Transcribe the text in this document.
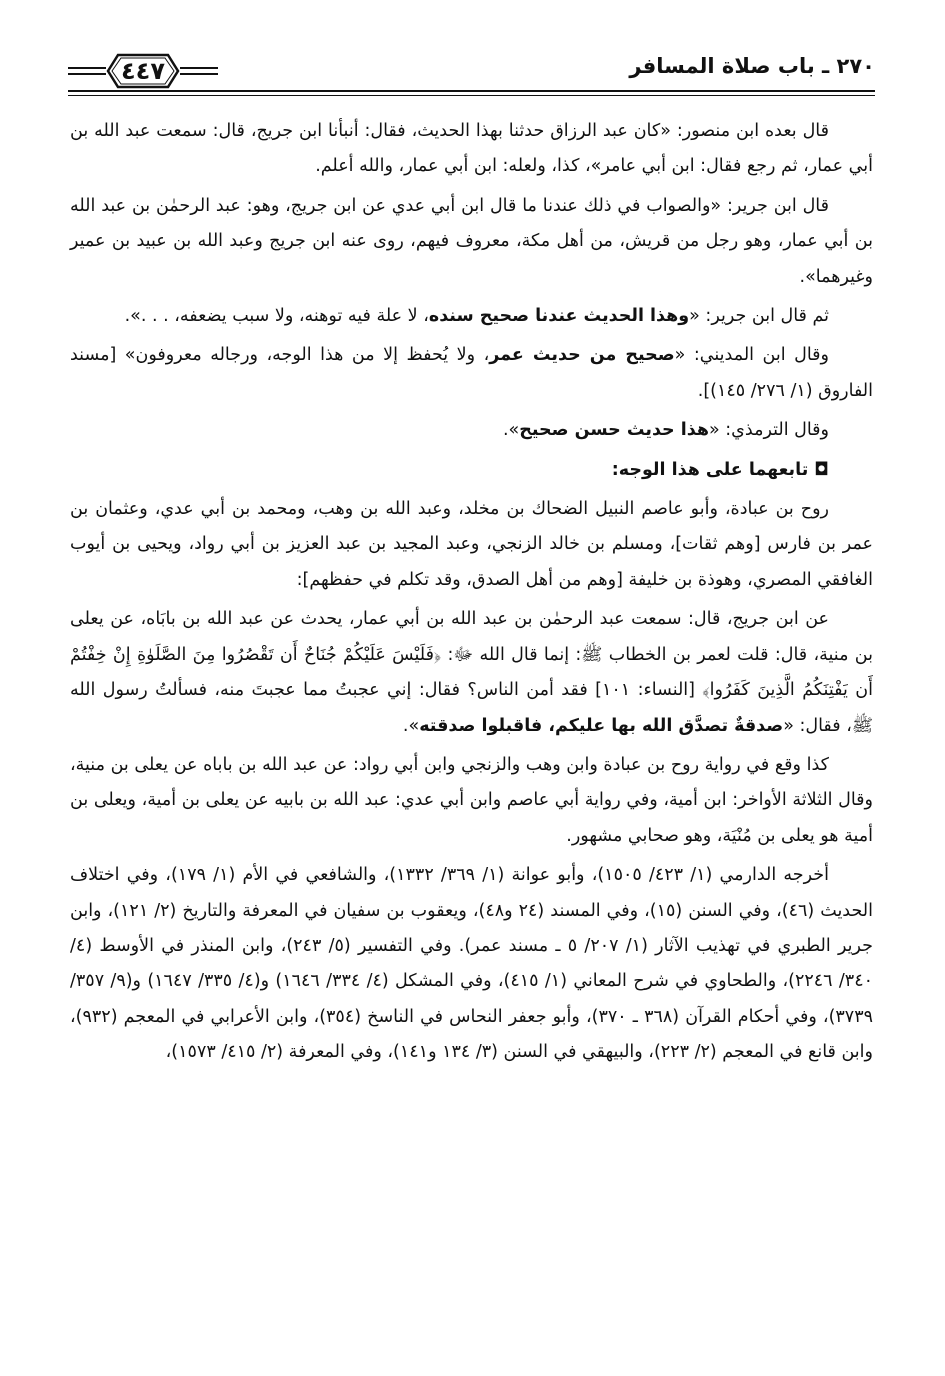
٢٧٠ ـ باب صلاة المسافر
٤٤٧

قال بعده ابن منصور: «كان عبد الرزاق حدثنا بهذا الحديث، فقال: أنبأنا ابن جريج، قال: سمعت عبد الله بن أبي عمار، ثم رجع فقال: ابن أبي عامر»، كذا، ولعله: ابن أبي عمار، والله أعلم.

قال ابن جرير: «والصواب في ذلك عندنا ما قال ابن أبي عدي عن ابن جريج، وهو: عبد الرحمٰن بن عبد الله بن أبي عمار، وهو رجل من قريش، من أهل مكة، معروف فيهم، روى عنه ابن جريج وعبد الله بن عبيد بن عمير وغيرهما».

ثم قال ابن جرير: «وهذا الحديث عندنا صحيح سنده، لا علة فيه توهنه، ولا سبب يضعفه، . . .».

وقال ابن المديني: «صحيح من حديث عمر، ولا يُحفظ إلا من هذا الوجه، ورجاله معروفون» [مسند الفاروق (١/ ٢٧٦/ ١٤٥)].

وقال الترمذي: «هذا حديث حسن صحيح».

◘تابعهما على هذا الوجه:

روح بن عبادة، وأبو عاصم النبيل الضحاك بن مخلد، وعبد الله بن وهب، ومحمد بن أبي عدي، وعثمان بن عمر بن فارس [وهم ثقات]، ومسلم بن خالد الزنجي، وعبد المجيد بن عبد العزيز بن أبي رواد، ويحيى بن أيوب الغافقي المصري، وهوذة بن خليفة [وهم من أهل الصدق، وقد تكلم في حفظهم]:

عن ابن جريج، قال: سمعت عبد الرحمٰن بن عبد الله بن أبي عمار، يحدث عن عبد الله بن بابَاه، عن يعلى بن منية، قال: قلت لعمر بن الخطاب ﷺ: إنما قال الله ﷻ: ﴿فَلَيْسَ عَلَيْكُمْ جُنَاحٌ أَن تَقْصُرُوا مِنَ الصَّلَوٰةِ إِنْ خِفْتُمْ أَن يَفْتِنَكُمُ الَّذِينَ كَفَرُوا﴾ [النساء: ١٠١] فقد أمن الناس؟ فقال: إني عجبتُ مما عجبتَ منه، فسألتُ رسول الله ﷺ، فقال: «صدقةٌ تصدَّق الله بها عليكم، فاقبلوا صدقته».

كذا وقع في رواية روح بن عبادة وابن وهب والزنجي وابن أبي رواد: عن عبد الله بن باباه عن يعلى بن منية، وقال الثلاثة الأواخر: ابن أمية، وفي رواية أبي عاصم وابن أبي عدي: عبد الله بن بابيه عن يعلى بن أمية، ويعلى بن أمية هو يعلى بن مُنْيَة، وهو صحابي مشهور.

أخرجه الدارمي (١/ ٤٢٣/ ١٥٠٥)، وأبو عوانة (١/ ٣٦٩/ ١٣٣٢)، والشافعي في الأم (١/ ١٧٩)، وفي اختلاف الحديث (٤٦)، وفي السنن (١٥)، وفي المسند (٢٤ و٤٨)، ويعقوب بن سفيان في المعرفة والتاريخ (٢/ ١٢١)، وابن جرير الطبري في تهذيب الآثار (١/ ٢٠٧/ ٥ ـ مسند عمر). وفي التفسير (٥/ ٢٤٣)، وابن المنذر في الأوسط (٤/ ٣٤٠/ ٢٢٤٦)، والطحاوي في شرح المعاني (١/ ٤١٥)، وفي المشكل (٤/ ٣٣٤/ ١٦٤٦) و(٤/ ٣٣٥/ ١٦٤٧) و(٩/ ٣٥٧/ ٣٧٣٩)، وفي أحكام القرآن (٣٦٨ ـ ٣٧٠)، وأبو جعفر النحاس في الناسخ (٣٥٤)، وابن الأعرابي في المعجم (٩٣٢)، وابن قانع في المعجم (٢/ ٢٢٣)، والبيهقي في السنن (٣/ ١٣٤ و١٤١)، وفي المعرفة (٢/ ٤١٥/ ١٥٧٣)،
